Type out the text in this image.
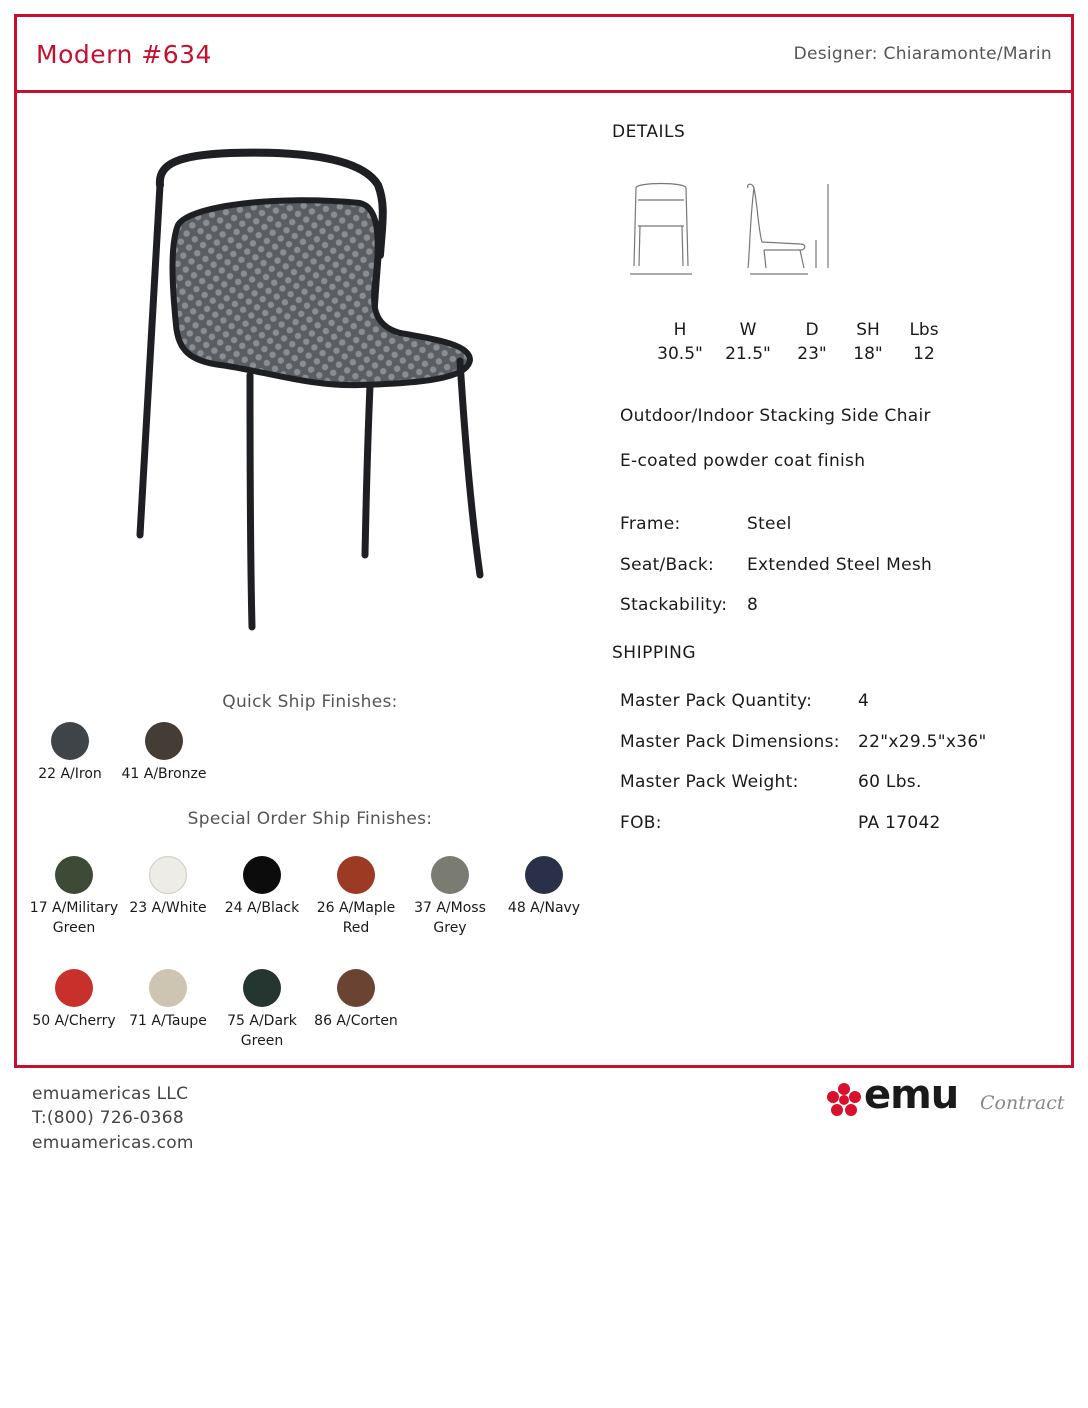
Modern #634	Designer: Chiaramonte/Marin
Quick Ship Finishes:
22 A/Iron	41 A/Bronze
Special Order Ship Finishes:
17 A/Military Green
23 A/White	24 A/Black	26 A/Maple Red
37 A/Moss Grey
48 A/Navy
50 A/Cherry 71 A/Taupe	75 A/Dark Green
86 A/Corten
DETAILS
H	W	D	SH	Lbs
30.5"	21.5"	23"	18"	12
Outdoor/Indoor Stacking Side Chair
E-coated powder coat finish
Frame:	Steel
Seat/Back: Extended Steel Mesh
Stackability: 8
SHIPPING
Master Pack Quantity:	4
Master Pack Dimensions: 22"x29.5"x36"
Master Pack Weight:	60 Lbs.
FOB:	PA 17042
emuamericas LLC
T:(800) 726-0368
emuamericas.com
emu Contract
